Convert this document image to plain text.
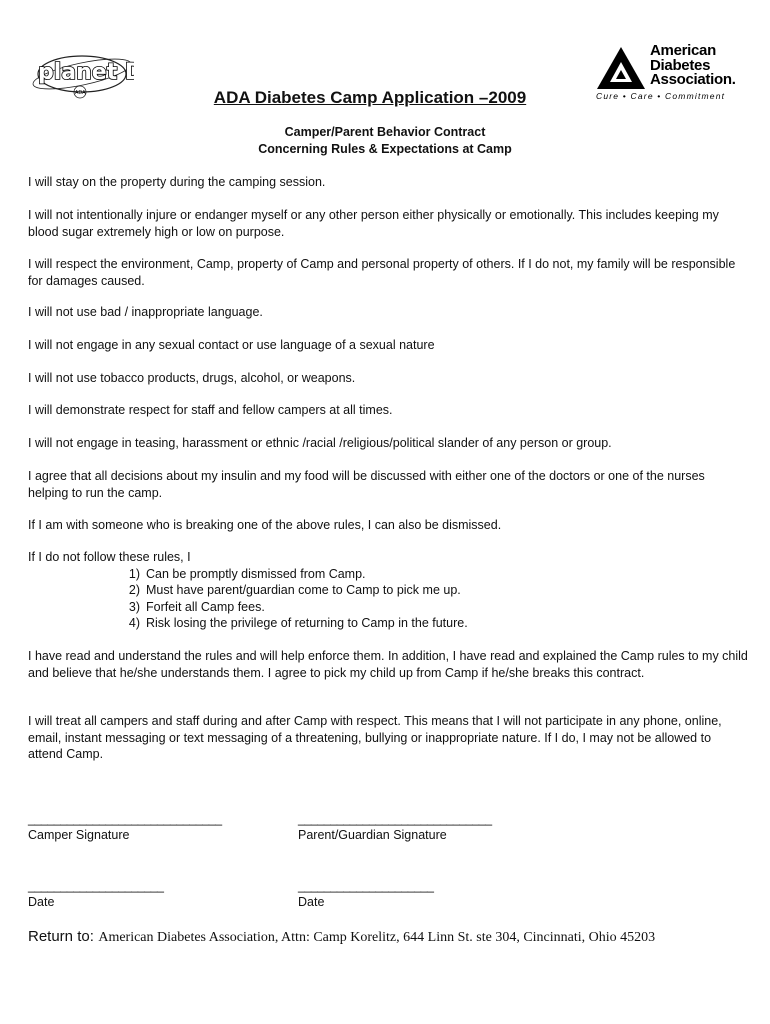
planet D
ADA
American
Diabetes
Association.
Cure • Care • Commitment
ADA Diabetes Camp Application –2009
Camper/Parent Behavior Contract
Concerning Rules & Expectations at Camp
I will stay on the property during the camping session.
I will not intentionally injure or endanger myself or any other person either physically or emotionally. This includes keeping my blood sugar extremely high or low on purpose.
I will respect the environment, Camp, property of Camp and personal property of others. If I do not, my family will be responsible for damages caused.
I will not use bad / inappropriate language.
I will not engage in any sexual contact or use language of a sexual nature
I will not use tobacco products, drugs, alcohol, or weapons.
I will demonstrate respect for staff and fellow campers at all times.
I will not engage in teasing, harassment or ethnic /racial /religious/political slander of any person or group.
I agree that all decisions about my insulin and my food will be discussed with either one of the doctors or one of the nurses helping to run the camp.
If I am with someone who is breaking one of the above rules, I can also be dismissed.
If I do not follow these rules, I
1) Can be promptly dismissed from Camp.
2) Must have parent/guardian come to Camp to pick me up.
3) Forfeit all Camp fees.
4) Risk losing the privilege of returning to Camp in the future.
I have read and understand the rules and will help enforce them. In addition, I have read and explained the Camp rules to my child and believe that he/she understands them. I agree to pick my child up from Camp if he/she breaks this contract.
I will treat all campers and staff during and after Camp with respect. This means that I will not participate in any phone, online, email, instant messaging or text messaging of a threatening, bullying or inappropriate nature. If I do, I may not be allowed to attend Camp.
______________________________	______________________________
Camper Signature	Parent/Guardian Signature
_____________________	_____________________
Date	Date
Return to: American Diabetes Association, Attn: Camp Korelitz, 644 Linn St. ste 304, Cincinnati, Ohio 45203
